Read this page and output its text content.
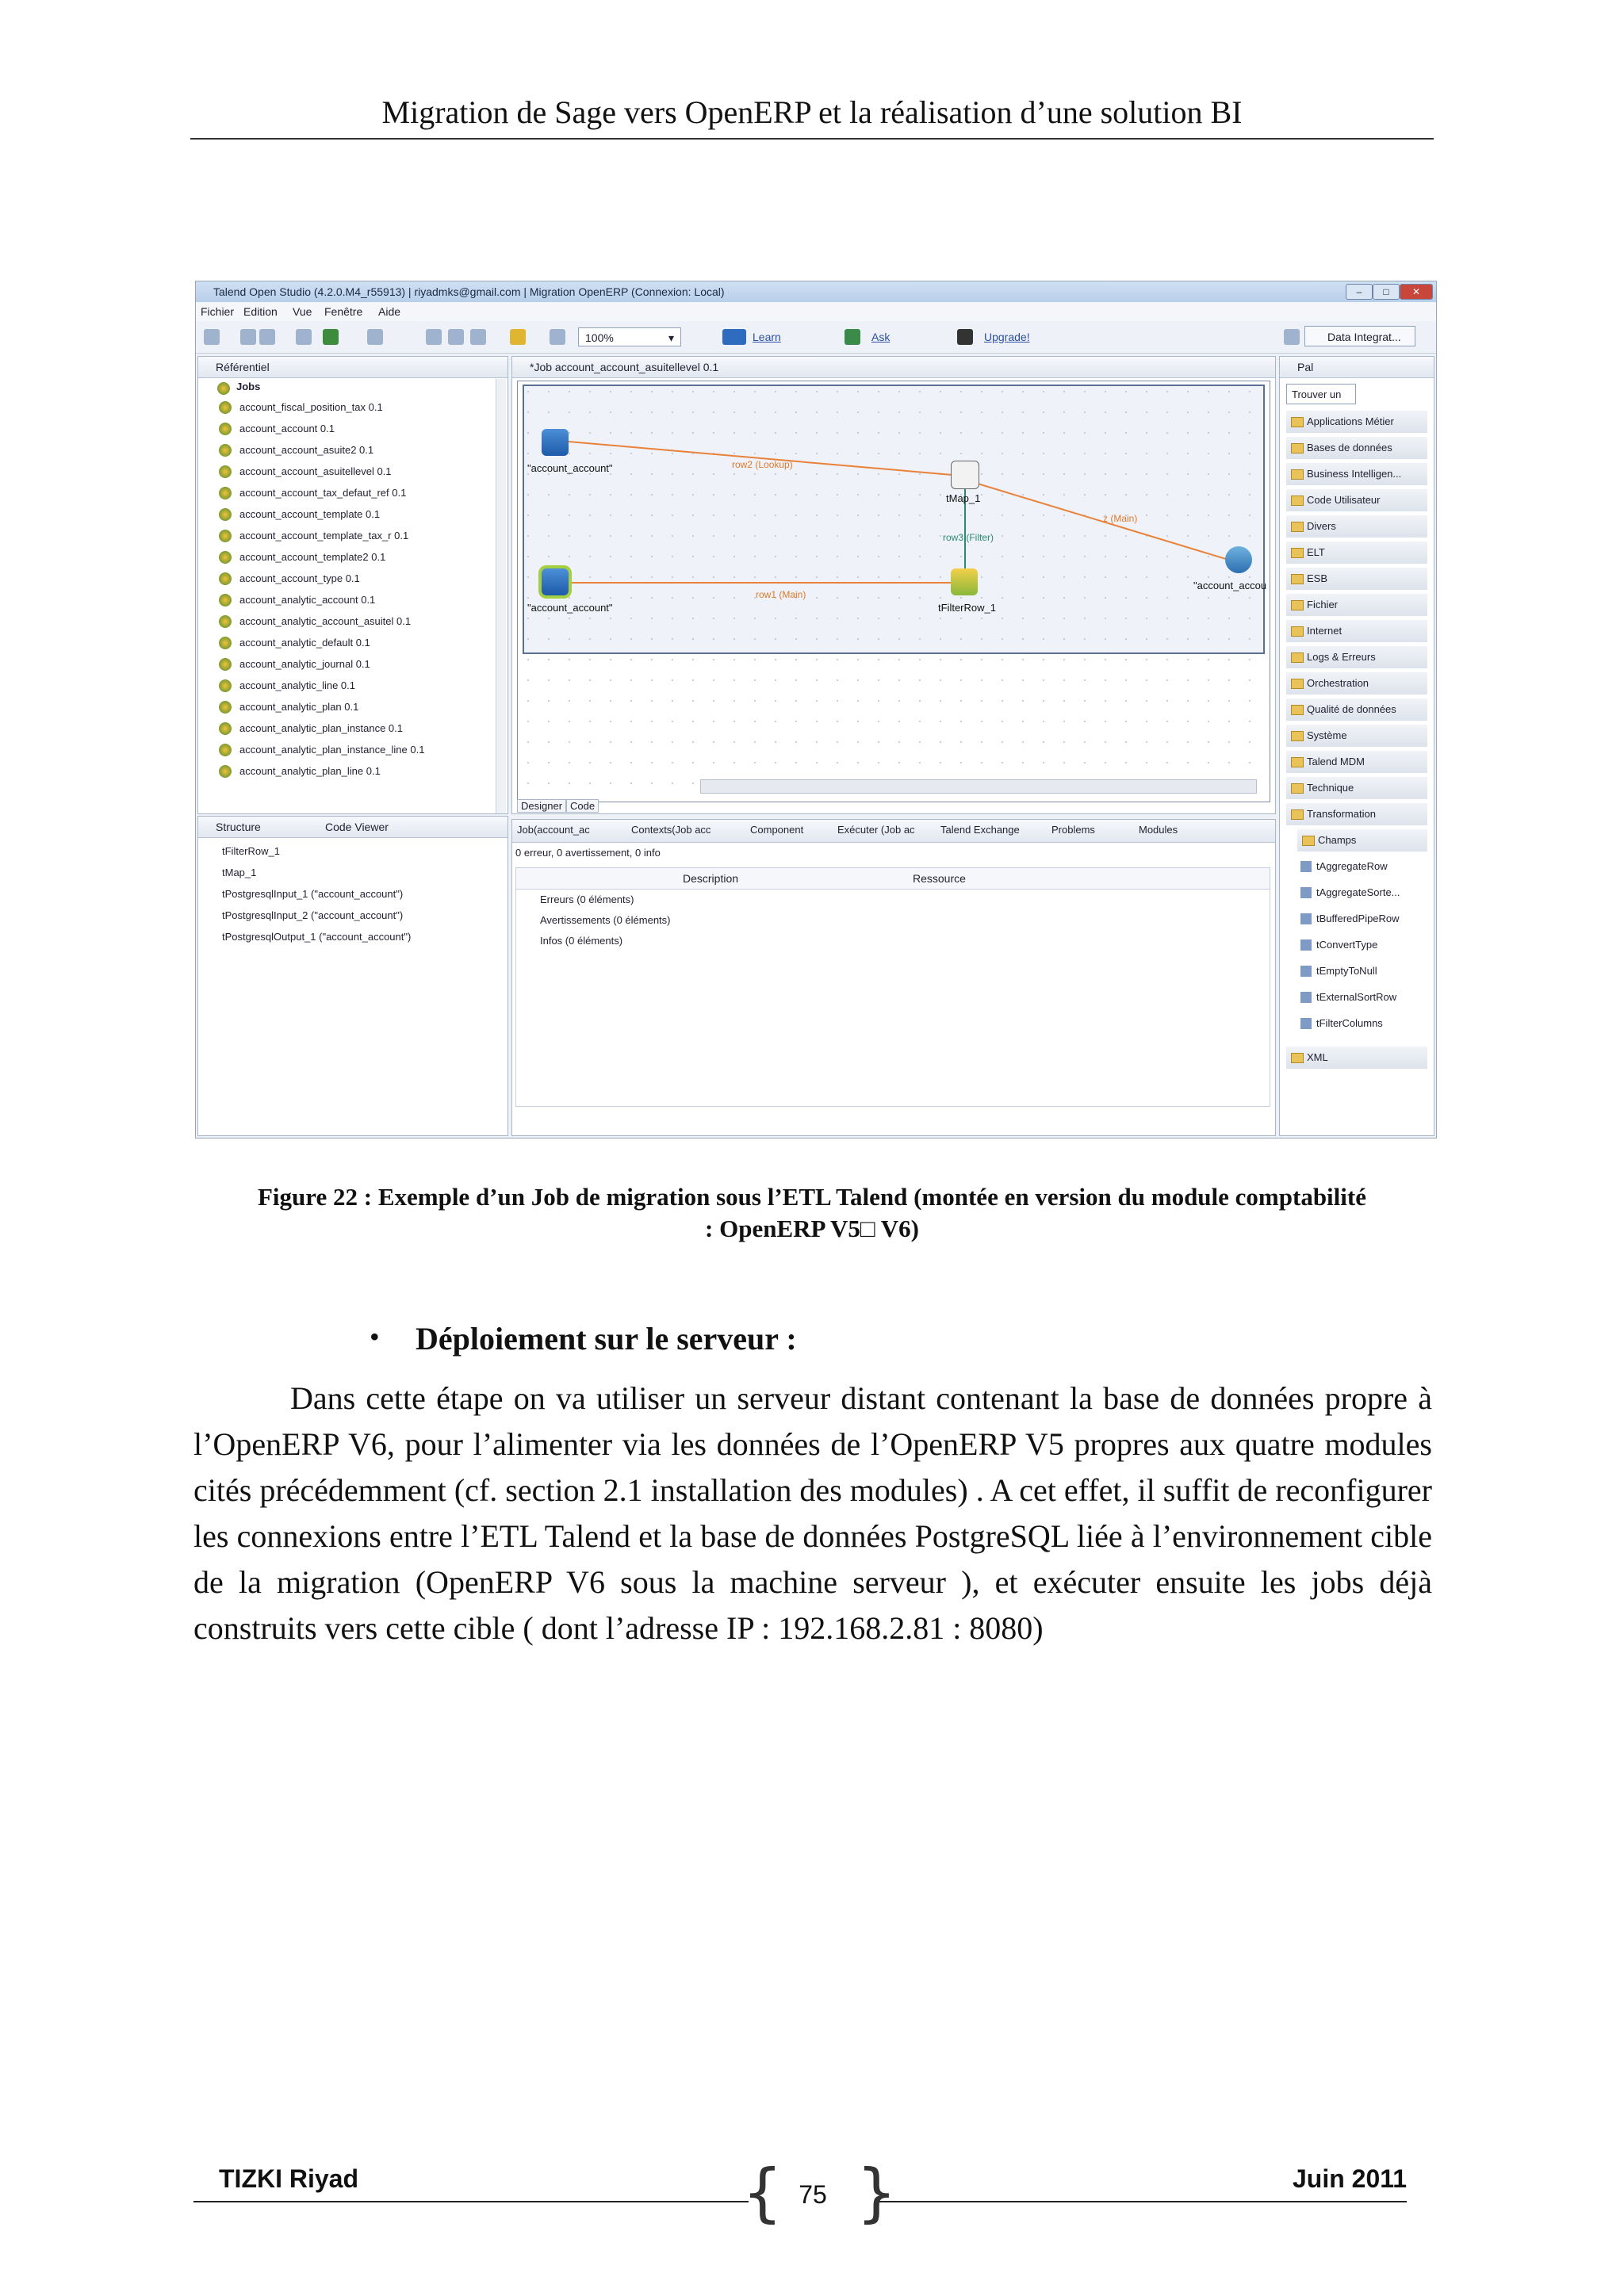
Migration de Sage vers OpenERP et la réalisation d’une solution BI
Talend Open Studio (4.2.0.M4_r55913) | riyadmks@gmail.com | Migration OpenERP (Connexion: Local)	–	□	✕
Fichier Edition Vue Fenêtre Aide
100%	▾	Learn	Ask	Upgrade!	Data Integrat...
Référentiel
Jobs
account_fiscal_position_tax 0.1
account_account 0.1
account_account_asuite2 0.1
account_account_asuitellevel 0.1
account_account_tax_defaut_ref 0.1
account_account_template 0.1
account_account_template_tax_r 0.1
account_account_template2 0.1
account_account_type 0.1
account_analytic_account 0.1
account_analytic_account_asuitel 0.1
account_analytic_default 0.1
account_analytic_journal 0.1
account_analytic_line 0.1
account_analytic_plan 0.1
account_analytic_plan_instance 0.1
account_analytic_plan_instance_line 0.1
account_analytic_plan_line 0.1
Structure	Code Viewer
tFilterRow_1
tMap_1
tPostgresqlInput_1 ("account_account")
tPostgresqlInput_2 ("account_account")
tPostgresqlOutput_1 ("account_account")
*Job account_account_asuitellevel 0.1
"account_account"
"account_account"
tMap_1
tFilterRow_1
"account_accou
row2 (Lookup)
row1 (Main)
row3 (Filter)
z (Main)
Designer Code
Pal
Trouver un
Applications Métier
Bases de données
Business Intelligen...
Code Utilisateur
Divers
ELT
ESB
Fichier
Internet
Logs & Erreurs
Orchestration
Qualité de données
Système
Talend MDM
Technique
Transformation
Champs
tAggregateRow
tAggregateSorte...
tBufferedPipeRow
tConvertType
tEmptyToNull
tExternalSortRow
tFilterColumns
XML
Job(account_ac	Contexts(Job acc	Component	Exécuter (Job ac Talend Exchange	Problems	Modules
0 erreur, 0 avertissement, 0 info
Description	Ressource
Erreurs (0 éléments)
Avertissements (0 éléments)
Infos (0 éléments)
Figure 22 : Exemple d’un Job de migration sous l’ETL Talend (montée en version du module comptabilité
: OpenERP V5□ V6)
• Déploiement sur le serveur :
Dans cette étape on va utiliser un serveur distant contenant la base de données propre à l’OpenERP V6, pour l’alimenter via les données de l’OpenERP V5 propres aux quatre modules cités précédemment (cf. section 2.1 installation des modules) . A cet effet, il suffit de reconfigurer les connexions entre l’ETL Talend et la base de données PostgreSQL liée à l’environnement cible de la migration (OpenERP V6 sous la machine serveur ), et exécuter ensuite les jobs déjà construits vers cette cible ( dont l’adresse IP : 192.168.2.81 : 8080)
TIZKI Riyad	Juin 2011
{ }
75
